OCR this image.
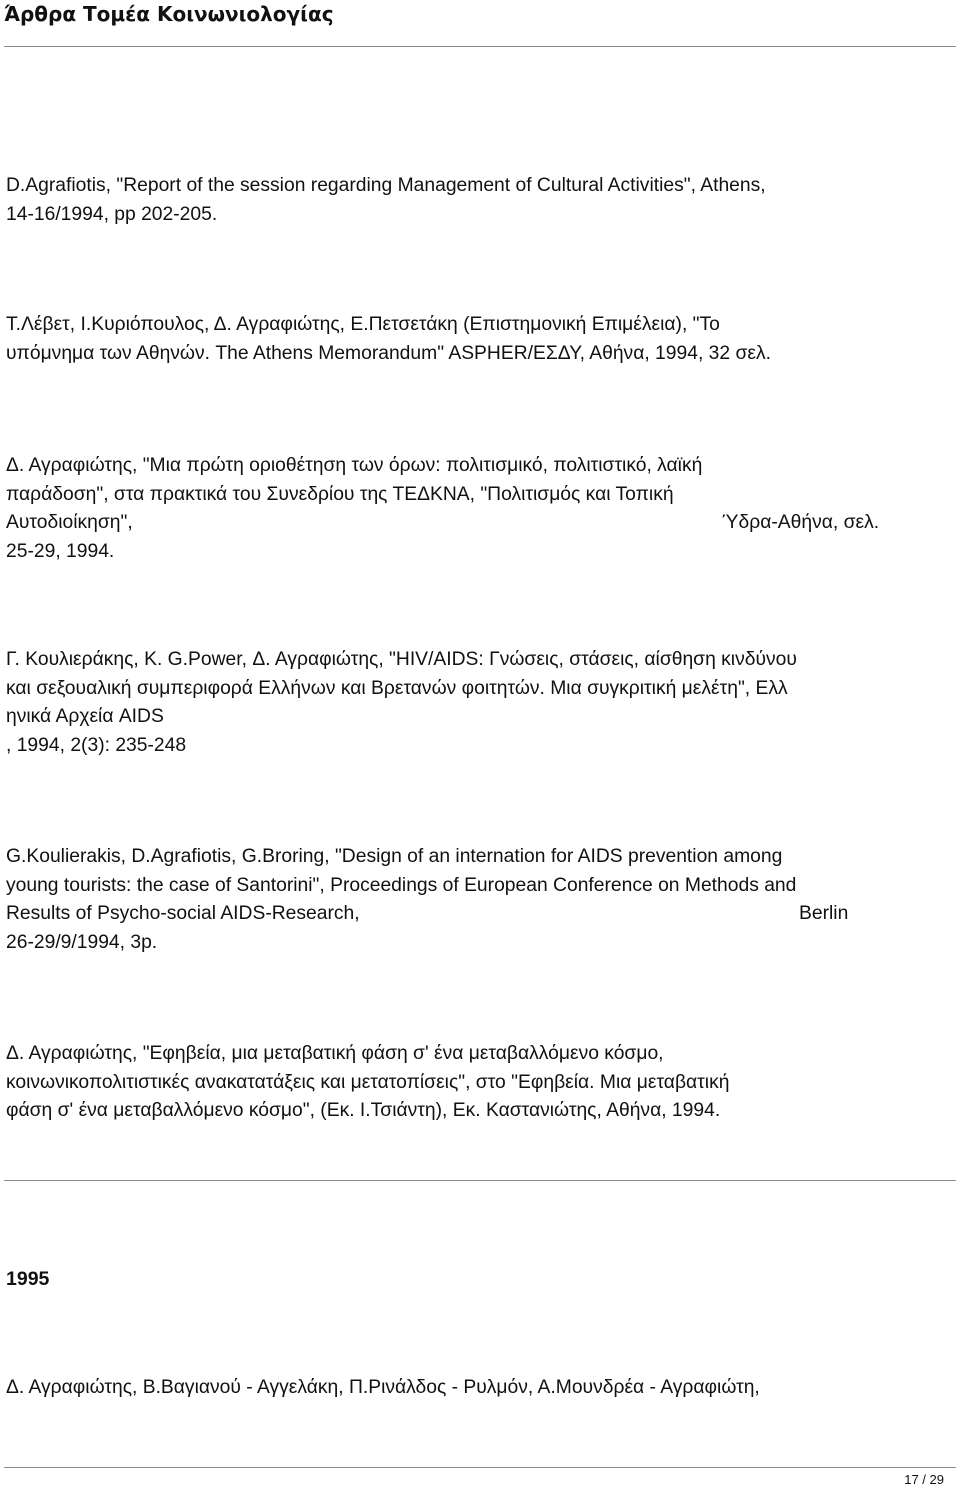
Άρθρα Τομέα Κοινωνιολογίας
D.Agrafiotis, "Report of the session regarding Management of Cultural Activities", Athens,
14-16/1994, pp 202-205.
Τ.Λέβετ, Ι.Κυριόπουλος, Δ. Αγραφιώτης, Ε.Πετσετάκη (Επιστημονική Επιμέλεια), "Το
υπόμνημα των Αθηνών. The Athens Memorandum" ASPHER/ΕΣΔΥ, Αθήνα, 1994, 32 σελ.
Δ. Αγραφιώτης, "Μια πρώτη οριοθέτηση των όρων: πολιτισμικό, πολιτιστικό, λαϊκή
παράδοση", στα πρακτικά του Συνεδρίου της ΤΕΔΚΝΑ, "Πολιτισμός και Τοπική
Αυτοδιοίκηση",	Ύδρα-Αθήνα, σελ.
25-29, 1994.
Γ. Κουλιεράκης, Κ. G.Power, Δ. Αγραφιώτης, "HIV/AIDS: Γνώσεις, στάσεις, αίσθηση κινδύνου
και σεξουαλική συμπεριφορά Ελλήνων και Βρετανών φοιτητών. Μια συγκριτική μελέτη", Ελλ
ηνικά Αρχεία AIDS
, 1994, 2(3): 235-248
G.Koulierakis, D.Agrafiotis, G.Broring, "Design of an internation for AIDS prevention among
young tourists: the case of Santorini", Proceedings of European Conference on Methods and
Results of Psycho-social AIDS-Research,	Berlin
26-29/9/1994, 3p.
Δ. Αγραφιώτης, "Εφηβεία, μια μεταβατική φάση σ' ένα μεταβαλλόμενο κόσμο,
κοινωνικοπολιτιστικές ανακατατάξεις και μετατοπίσεις", στο "Εφηβεία. Μια μεταβατική
φάση σ' ένα μεταβαλλόμενο κόσμο", (Εκ. Ι.Τσιάντη), Εκ. Καστανιώτης, Αθήνα, 1994.
1995
Δ. Αγραφιώτης, Β.Βαγιανού - Αγγελάκη, Π.Ρινάλδος - Ρυλμόν, Α.Μουνδρέα - Αγραφιώτη,
17 / 29
